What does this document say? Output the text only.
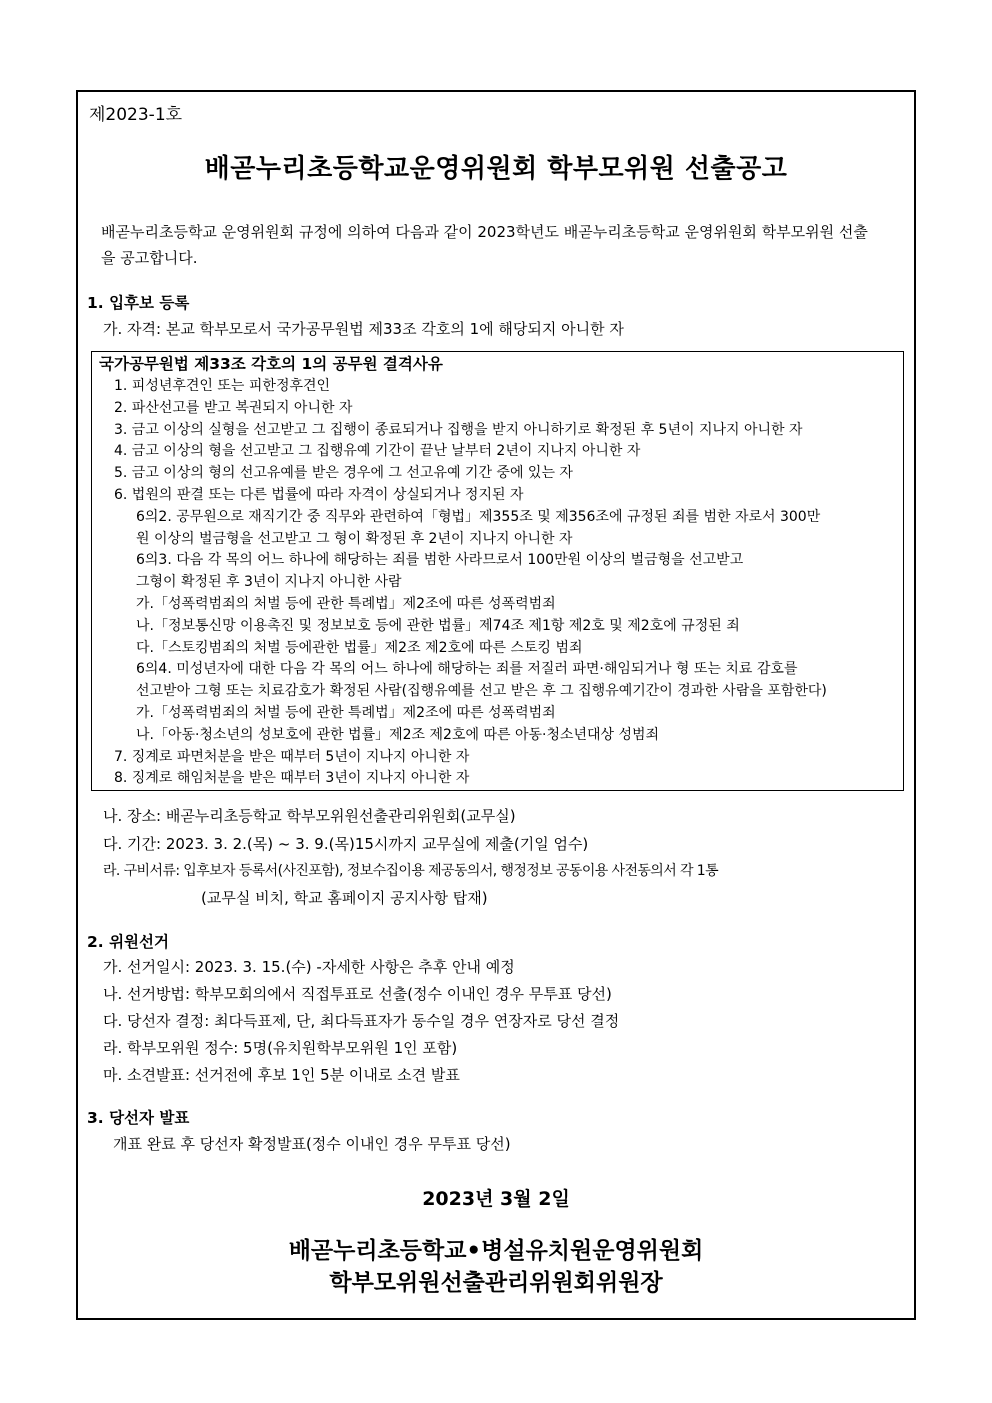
제2023-1호
배곧누리초등학교운영위원회 학부모위원 선출공고
배곧누리초등학교 운영위원회 규정에 의하여 다음과 같이 2023학년도 배곧누리초등학교 운영위원회 학부모위원 선출을 공고합니다.
1. 입후보 등록
가. 자격: 본교 학부모로서 국가공무원법 제33조 각호의 1에 해당되지 아니한 자
국가공무원법 제33조 각호의 1의 공무원 결격사유
1. 피성년후견인 또는 피한정후견인
2. 파산선고를 받고 복권되지 아니한 자
3. 금고 이상의 실형을 선고받고 그 집행이 종료되거나 집행을 받지 아니하기로 확정된 후 5년이 지나지 아니한 자
4. 금고 이상의 형을 선고받고 그 집행유예 기간이 끝난 날부터 2년이 지나지 아니한 자
5. 금고 이상의 형의 선고유예를 받은 경우에 그 선고유예 기간 중에 있는 자
6. 법원의 판결 또는 다른 법률에 따라 자격이 상실되거나 정지된 자
6의2. 공무원으로 재직기간 중 직무와 관련하여「형법」제355조 및 제356조에 규정된 죄를 범한 자로서 300만
원 이상의 벌금형을 선고받고 그 형이 확정된 후 2년이 지나지 아니한 자
6의3. 다음 각 목의 어느 하나에 해당하는 죄를 범한 사라므로서 100만원 이상의 벌금형을 선고받고
그형이 확정된 후 3년이 지나지 아니한 사람
가.「성폭력범죄의 처벌 등에 관한 특례법」제2조에 따른 성폭력범죄
나.「정보통신망 이용촉진 및 정보보호 등에 관한 법률」제74조 제1항 제2호 및 제2호에 규정된 죄
다.「스토킹범죄의 처벌 등에관한 법률」제2조 제2호에 따른 스토킹 범죄
6의4. 미성년자에 대한 다음 각 목의 어느 하나에 해당하는 죄를 저질러 파면·해임되거나 형 또는 치료 감호를
선고받아 그형 또는 치료감호가 확정된 사람(집행유예를 선고 받은 후 그 집행유예기간이 경과한 사람을 포함한다)
가.「성폭력범죄의 처벌 등에 관한 특례법」제2조에 따른 성폭력범죄
나.「아동·청소년의 성보호에 관한 법률」제2조 제2호에 따른 아동·청소년대상 성범죄
7. 징계로 파면처분을 받은 때부터 5년이 지나지 아니한 자
8. 징계로 해임처분을 받은 때부터 3년이 지나지 아니한 자
나. 장소: 배곧누리초등학교 학부모위원선출관리위원회(교무실)
다. 기간: 2023. 3. 2.(목) ~ 3. 9.(목)15시까지 교무실에 제출(기일 엄수)
라. 구비서류: 입후보자 등록서(사진포함), 정보수집이용 제공동의서, 행정정보 공동이용 사전동의서 각 1통
(교무실 비치, 학교 홈페이지 공지사항 탑재)
2. 위원선거
가. 선거일시: 2023. 3. 15.(수) -자세한 사항은 추후 안내 예정
나. 선거방법: 학부모회의에서 직접투표로 선출(정수 이내인 경우 무투표 당선)
다. 당선자 결정: 최다득표제, 단, 최다득표자가 동수일 경우 연장자로 당선 결정
라. 학부모위원 정수: 5명(유치원학부모위원 1인 포함)
마. 소견발표: 선거전에 후보 1인 5분 이내로 소견 발표
3. 당선자 발표
개표 완료 후 당선자 확정발표(정수 이내인 경우 무투표 당선)
2023년 3월 2일
배곧누리초등학교•병설유치원운영위원회
학부모위원선출관리위원회위원장
